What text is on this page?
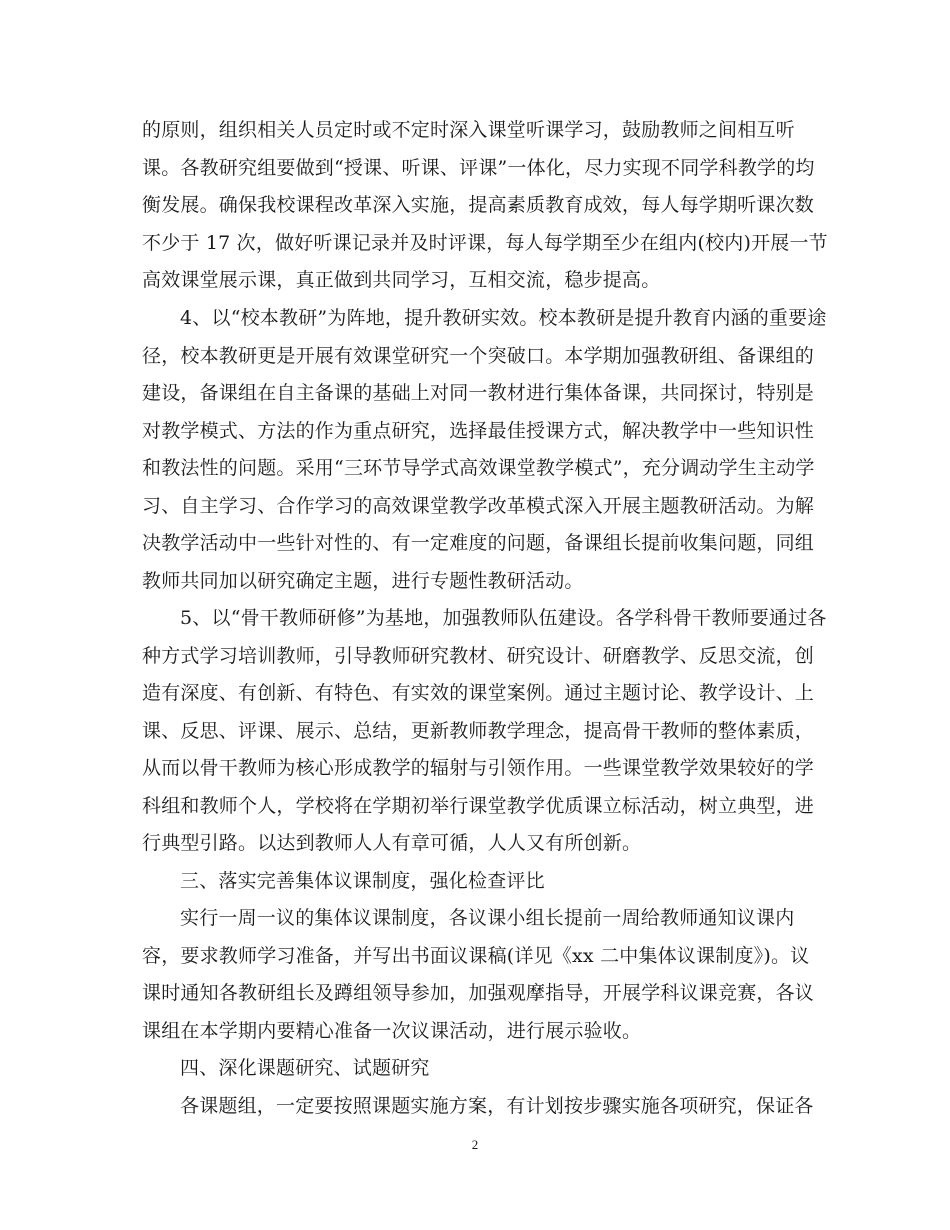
的原则，组织相关人员定时或不定时深入课堂听课学习，鼓励教师之间相互听
课。各教研究组要做到“授课、听课、评课”一体化，尽力实现不同学科教学的均
衡发展。确保我校课程改革深入实施，提高素质教育成效，每人每学期听课次数
不少于 17 次，做好听课记录并及时评课，每人每学期至少在组内(校内)开展一节
高效课堂展示课，真正做到共同学习，互相交流，稳步提高。
4、以“校本教研”为阵地，提升教研实效。校本教研是提升教育内涵的重要途
径，校本教研更是开展有效课堂研究一个突破口。本学期加强教研组、备课组的
建设，备课组在自主备课的基础上对同一教材进行集体备课，共同探讨，特别是
对教学模式、方法的作为重点研究，选择最佳授课方式，解决教学中一些知识性
和教法性的问题。采用“三环节导学式高效课堂教学模式”，充分调动学生主动学
习、自主学习、合作学习的高效课堂教学改革模式深入开展主题教研活动。为解
决教学活动中一些针对性的、有一定难度的问题，备课组长提前收集问题，同组
教师共同加以研究确定主题，进行专题性教研活动。
5、以“骨干教师研修”为基地，加强教师队伍建设。各学科骨干教师要通过各
种方式学习培训教师，引导教师研究教材、研究设计、研磨教学、反思交流，创
造有深度、有创新、有特色、有实效的课堂案例。通过主题讨论、教学设计、上
课、反思、评课、展示、总结，更新教师教学理念，提高骨干教师的整体素质，
从而以骨干教师为核心形成教学的辐射与引领作用。一些课堂教学效果较好的学
科组和教师个人，学校将在学期初举行课堂教学优质课立标活动，树立典型，进
行典型引路。以达到教师人人有章可循，人人又有所创新。
三、落实完善集体议课制度，强化检查评比
实行一周一议的集体议课制度，各议课小组长提前一周给教师通知议课内
容，要求教师学习准备，并写出书面议课稿(详见《xx 二中集体议课制度》)。议
课时通知各教研组长及蹲组领导参加，加强观摩指导，开展学科议课竞赛，各议
课组在本学期内要精心准备一次议课活动，进行展示验收。
四、深化课题研究、试题研究
各课题组，一定要按照课题实施方案，有计划按步骤实施各项研究，保证各
2
